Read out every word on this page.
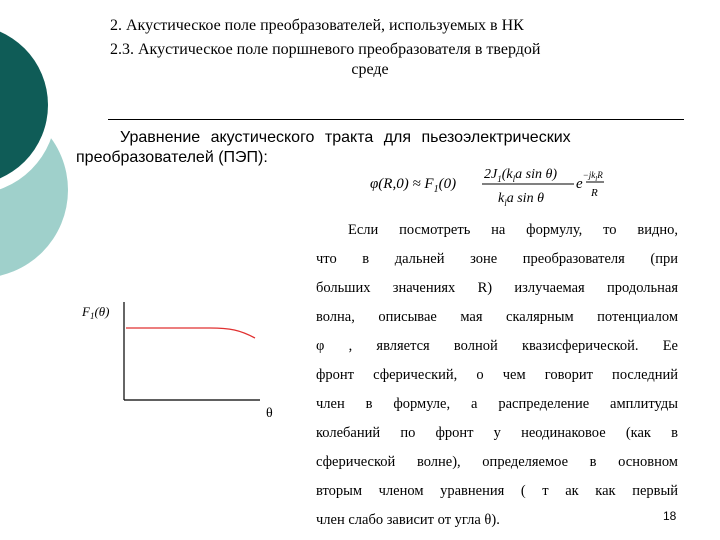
2. Акустическое поле преобразователей, используемых в НК
2.3. Акустическое поле поршневого преобразователя в твердой
среде
Уравнение акустического тракта для пьезоэлектрических
преобразователей (ПЭП):
$\varphi(R,0) \approx F_1(0)$
$2J_1(k_la$ sin θ)
$k_la$ sin θ
$e^{-jk}_l^R$
R
Если посмотреть на формулу, то видно,
что в дальней зоне преобразователя (при
больших значениях R) излучаемая продольная
волна, описывае мая скалярным потенциалом
φ , является волной квазисферической. Ее
фронт сферический, о чем говорит последний
член в формуле, а распределение амплитуды
колебаний по фронт у неодинаковое (как в
сферической волне), определяемое в основном
вторым членом уравнения ( т ак как первый
член слабо зависит от угла θ).
$F_1(\theta)$
θ
18
